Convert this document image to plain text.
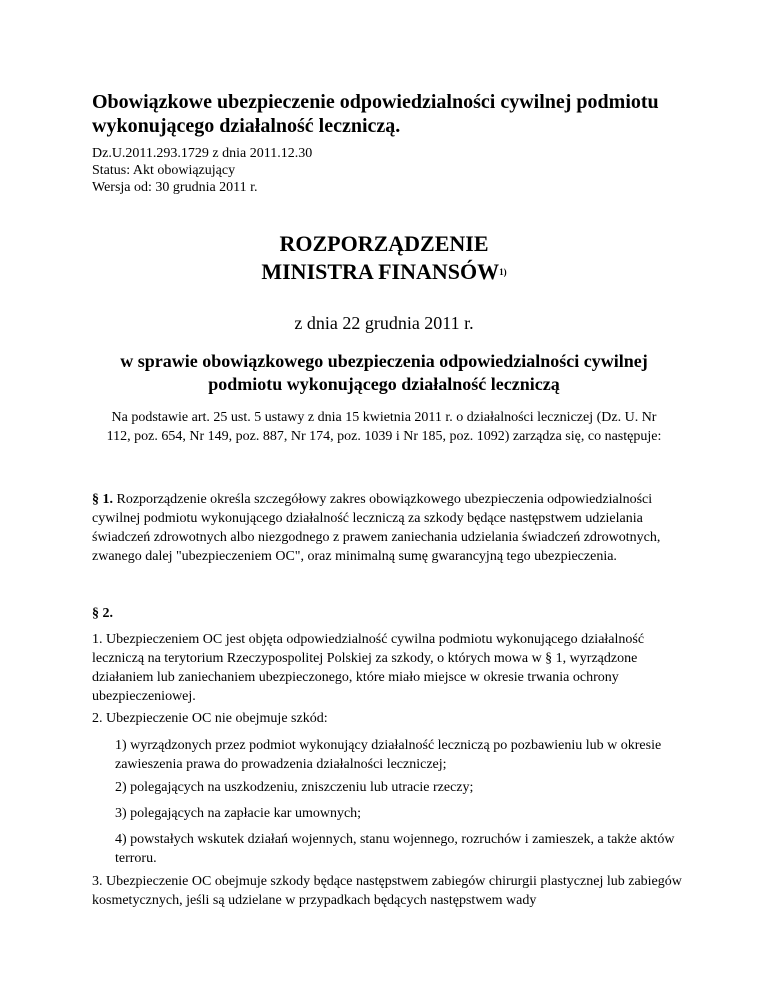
Obowiązkowe ubezpieczenie odpowiedzialności cywilnej podmiotu wykonującego działalność leczniczą.
Dz.U.2011.293.1729 z dnia 2011.12.30
Status: Akt obowiązujący
Wersja od: 30 grudnia 2011 r.
ROZPORZĄDZENIE
MINISTRA FINANSÓW1)
z dnia 22 grudnia 2011 r.
w sprawie obowiązkowego ubezpieczenia odpowiedzialności cywilnej podmiotu wykonującego działalność leczniczą
Na podstawie art. 25 ust. 5 ustawy z dnia 15 kwietnia 2011 r. o działalności leczniczej (Dz. U. Nr 112, poz. 654, Nr 149, poz. 887, Nr 174, poz. 1039 i Nr 185, poz. 1092) zarządza się, co następuje:
§ 1. Rozporządzenie określa szczegółowy zakres obowiązkowego ubezpieczenia odpowiedzialności cywilnej podmiotu wykonującego działalność leczniczą za szkody będące następstwem udzielania świadczeń zdrowotnych albo niezgodnego z prawem zaniechania udzielania świadczeń zdrowotnych, zwanego dalej "ubezpieczeniem OC", oraz minimalną sumę gwarancyjną tego ubezpieczenia.
§ 2.
1. Ubezpieczeniem OC jest objęta odpowiedzialność cywilna podmiotu wykonującego działalność leczniczą na terytorium Rzeczypospolitej Polskiej za szkody, o których mowa w § 1, wyrządzone działaniem lub zaniechaniem ubezpieczonego, które miało miejsce w okresie trwania ochrony ubezpieczeniowej.
2. Ubezpieczenie OC nie obejmuje szkód:
1) wyrządzonych przez podmiot wykonujący działalność leczniczą po pozbawieniu lub w okresie zawieszenia prawa do prowadzenia działalności leczniczej;
2) polegających na uszkodzeniu, zniszczeniu lub utracie rzeczy;
3) polegających na zapłacie kar umownych;
4) powstałych wskutek działań wojennych, stanu wojennego, rozruchów i zamieszek, a także aktów terroru.
3. Ubezpieczenie OC obejmuje szkody będące następstwem zabiegów chirurgii plastycznej lub zabiegów kosmetycznych, jeśli są udzielane w przypadkach będących następstwem wady
